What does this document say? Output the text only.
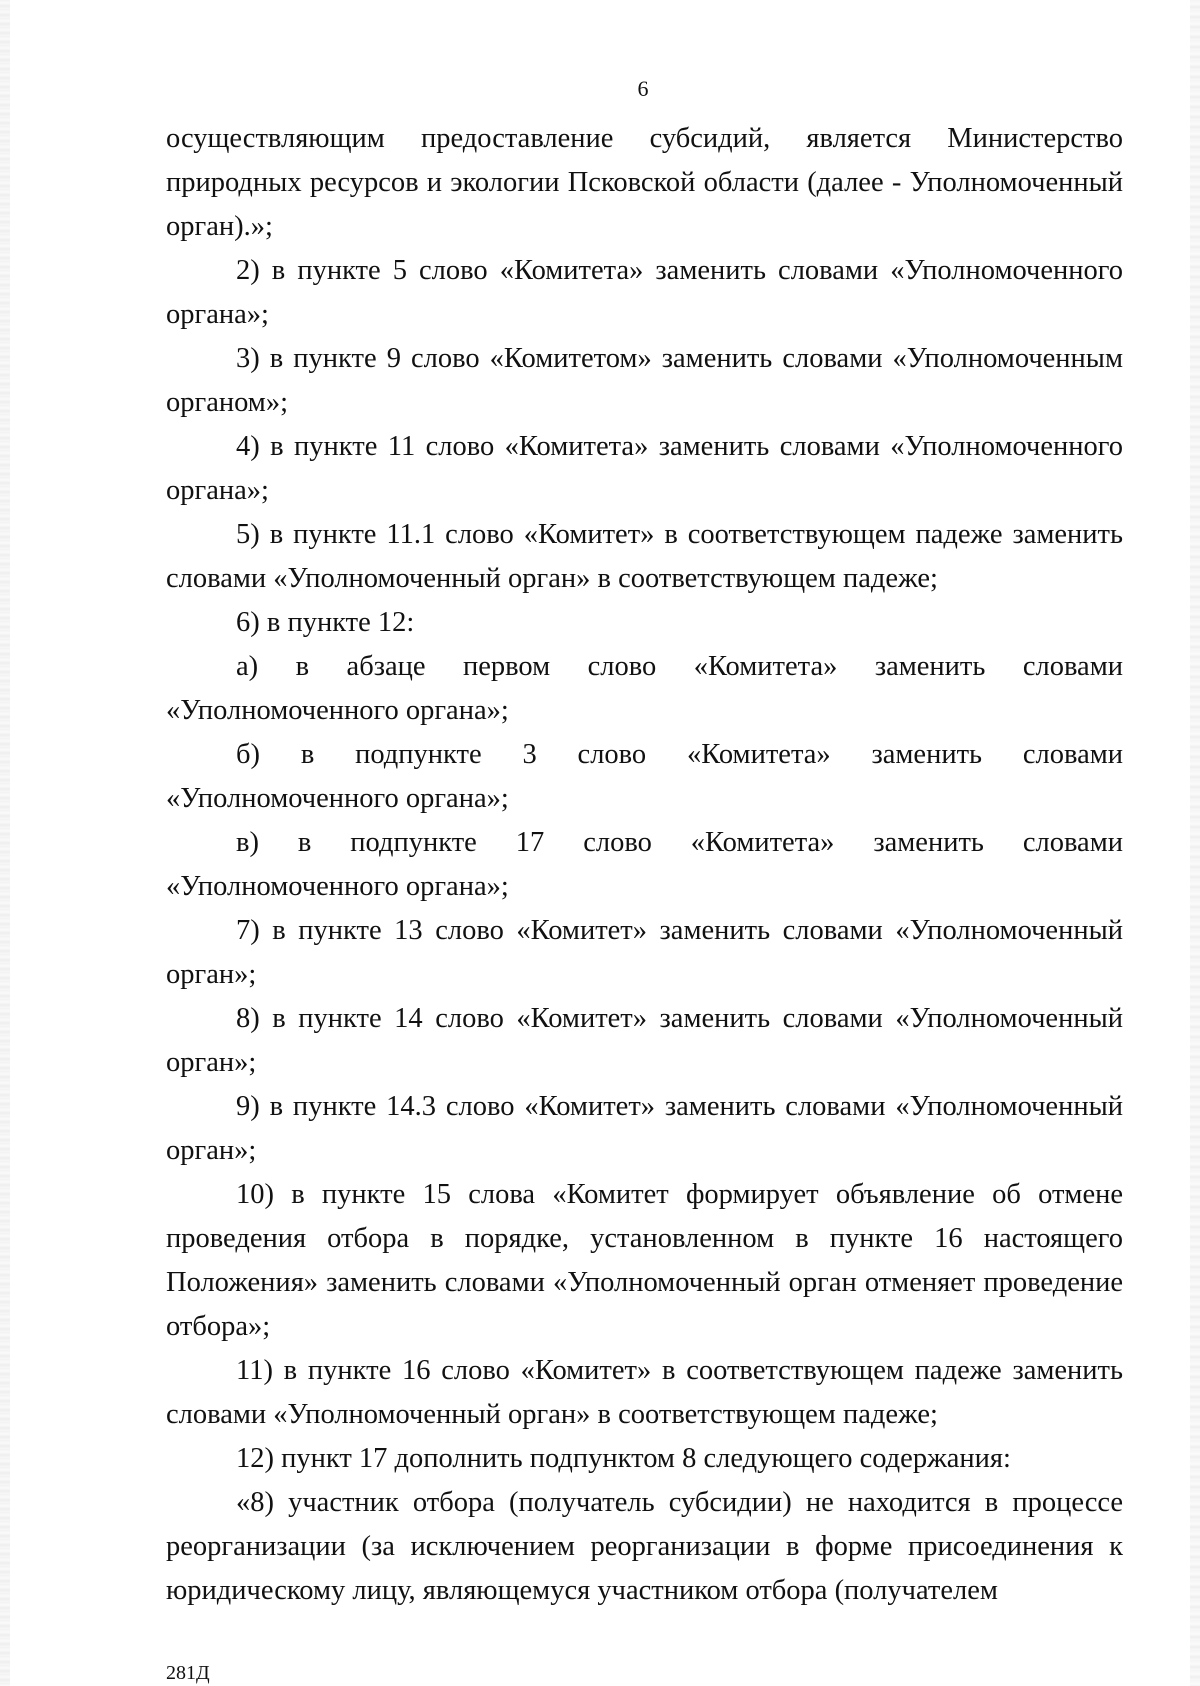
6

осуществляющим предоставление субсидий, является Министерство природных ресурсов и экологии Псковской области (далее - Уполномоченный орган).»;

2) в пункте 5 слово «Комитета» заменить словами «Уполномоченного органа»;

3) в пункте 9 слово «Комитетом» заменить словами «Уполномоченным органом»;

4) в пункте 11 слово «Комитета» заменить словами «Уполномоченного органа»;

5) в пункте 11.1 слово «Комитет» в соответствующем падеже заменить словами «Уполномоченный орган» в соответствующем падеже;

6) в пункте 12:

а) в абзаце первом слово «Комитета» заменить словами «Уполномоченного органа»;

б) в подпункте 3 слово «Комитета» заменить словами «Уполномоченного органа»;

в) в подпункте 17 слово «Комитета» заменить словами «Уполномоченного органа»;

7) в пункте 13 слово «Комитет» заменить словами «Уполномоченный орган»;

8) в пункте 14 слово «Комитет» заменить словами «Уполномоченный орган»;

9) в пункте 14.3 слово «Комитет» заменить словами «Уполномоченный орган»;

10) в пункте 15 слова «Комитет формирует объявление об отмене проведения отбора в порядке, установленном в пункте 16 настоящего Положения» заменить словами «Уполномоченный орган отменяет проведение отбора»;

11) в пункте 16 слово «Комитет» в соответствующем падеже заменить словами «Уполномоченный орган» в соответствующем падеже;

12) пункт 17 дополнить подпунктом 8 следующего содержания:

«8) участник отбора (получатель субсидии) не находится в процессе реорганизации (за исключением реорганизации в форме присоединения к юридическому лицу, являющемуся участником отбора (получателем

281Д
